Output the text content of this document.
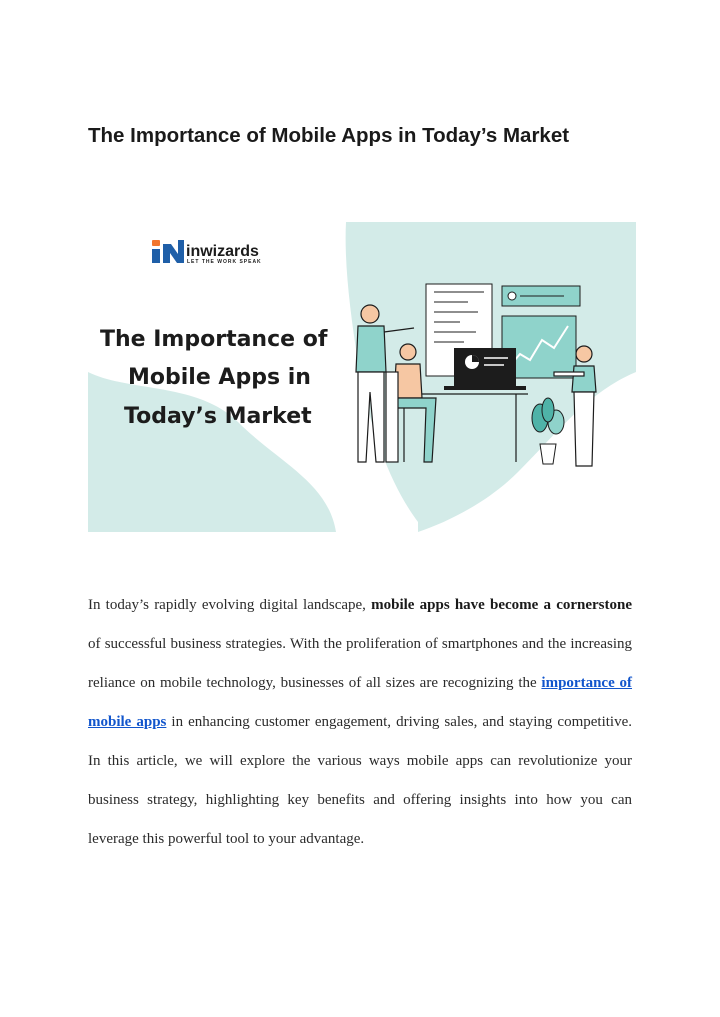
The Importance of Mobile Apps in Today’s Market
inwizards
LET THE WORK SPEAK
The Importance of
Mobile Apps in
Today’s Market

In today’s rapidly evolving digital landscape, mobile apps have become a cornerstone of successful business strategies. With the proliferation of smartphones and the increasing reliance on mobile technology, businesses of all sizes are recognizing the importance of mobile apps in enhancing customer engagement, driving sales, and staying competitive. In this article, we will explore the various ways mobile apps can revolutionize your business strategy, highlighting key benefits and offering insights into how you can leverage this powerful tool to your advantage.
